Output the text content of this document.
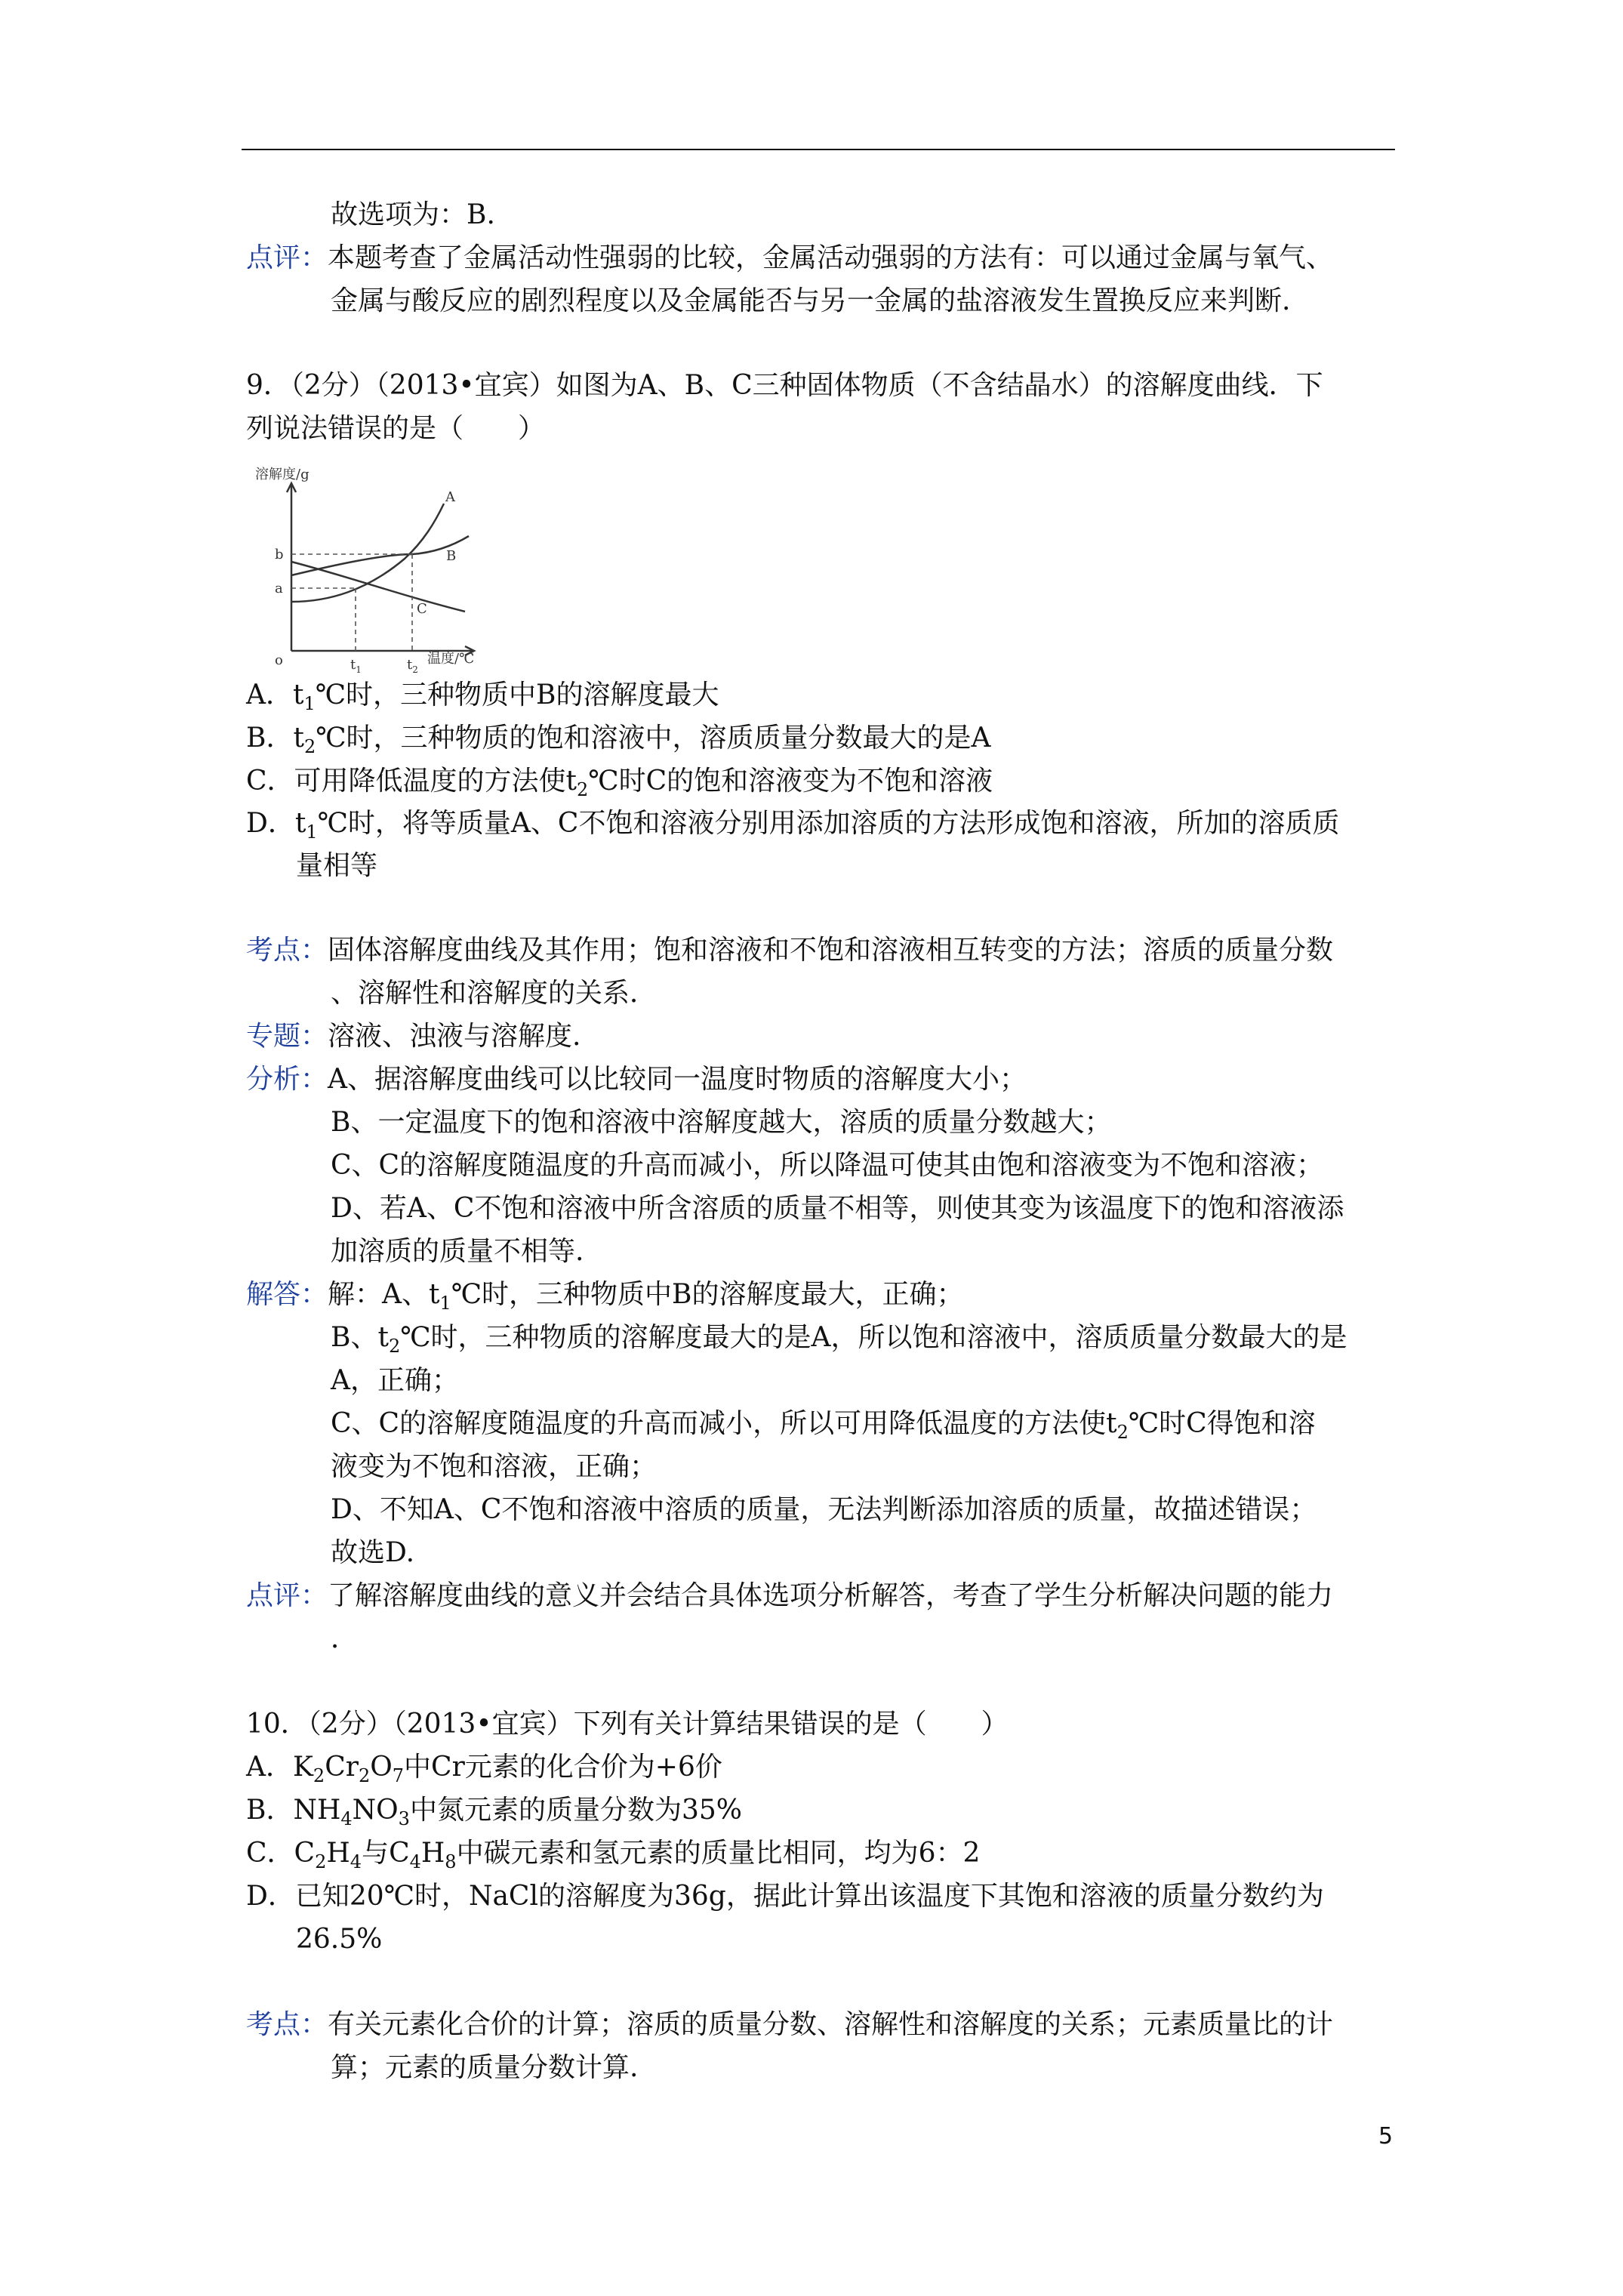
故选项为：B.
点评：本题考查了金属活动性强弱的比较，金属活动强弱的方法有：可以通过金属与氧气、
金属与酸反应的剧烈程度以及金属能否与另一金属的盐溶液发生置换反应来判断.
9．（2分）（2013•宜宾）如图为A、B、C三种固体物质（不含结晶水）的溶解度曲线．下
列说法错误的是（　　）
溶解度/g
b
a
o	$t_1$	$t_2$
温度/℃
A
B
C
A．$t_1℃$时，三种物质中B的溶解度最大
B．$t_2℃$时，三种物质的饱和溶液中，溶质质量分数最大的是A
C．可用降低温度的方法使$t_2℃$时C的饱和溶液变为不饱和溶液
D．$t_1℃$时，将等质量A、C不饱和溶液分别用添加溶质的方法形成饱和溶液，所加的溶质质
量相等
考点：固体溶解度曲线及其作用；饱和溶液和不饱和溶液相互转变的方法；溶质的质量分数
、溶解性和溶解度的关系．
专题：溶液、浊液与溶解度.
分析：A、据溶解度曲线可以比较同一温度时物质的溶解度大小；
B、一定温度下的饱和溶液中溶解度越大，溶质的质量分数越大；
C、C的溶解度随温度的升高而减小，所以降温可使其由饱和溶液变为不饱和溶液；
D、若A、C不饱和溶液中所含溶质的质量不相等，则使其变为该温度下的饱和溶液添
加溶质的质量不相等.
解答：解：A、$t_1℃$时，三种物质中B的溶解度最大，正确；
B、$t_2℃$时，三种物质的溶解度最大的是A，所以饱和溶液中，溶质质量分数最大的是
A，正确；
C、C的溶解度随温度的升高而减小，所以可用降低温度的方法使$t_2℃$时C得饱和溶
液变为不饱和溶液，正确；
D、不知A、C不饱和溶液中溶质的质量，无法判断添加溶质的质量，故描述错误；
故选D.
点评：了解溶解度曲线的意义并会结合具体选项分析解答，考查了学生分析解决问题的能力
．
10．（2分）（2013•宜宾）下列有关计算结果错误的是（　　）
A．$K_2Cr_2O_7$中Cr元素的化合价为+6价
B．$NH_4NO_3$中氮元素的质量分数为35%
C．$C_2H_4$与$C_4H_8$中碳元素和氢元素的质量比相同，均为6：2
D．已知20℃时，NaCl的溶解度为36g，据此计算出该温度下其饱和溶液的质量分数约为
26.5%
考点：有关元素化合价的计算；溶质的质量分数、溶解性和溶解度的关系；元素质量比的计
算；元素的质量分数计算.
5
